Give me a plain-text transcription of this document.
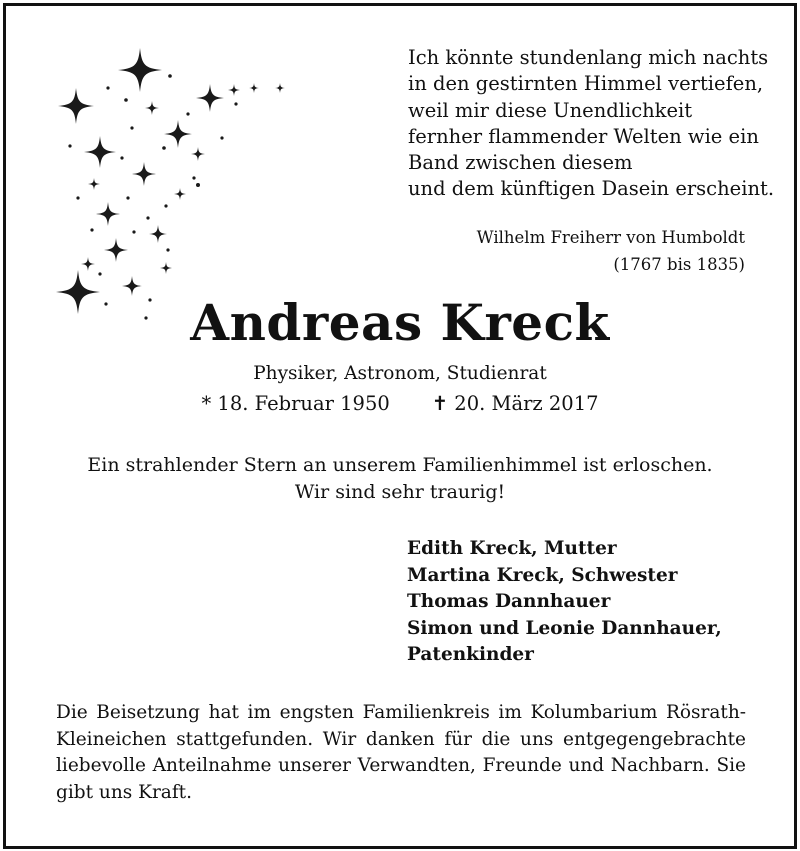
Ich könnte stundenlang mich nachts
in den gestirnten Himmel vertiefen,
weil mir diese Unendlichkeit
fernher flammender Welten wie ein
Band zwischen diesem
und dem künftigen Dasein erscheint.
Wilhelm Freiherr von Humboldt
(1767 bis 1835)
Andreas Kreck
Physiker, Astronom, Studienrat
* 18. Februar 1950 ✝ 20. März 2017
Ein strahlender Stern an unserem Familienhimmel ist erloschen.
Wir sind sehr traurig!
Edith Kreck, Mutter
Martina Kreck, Schwester
Thomas Dannhauer
Simon und Leonie Dannhauer,
Patenkinder
Die Beisetzung hat im engsten Familienkreis im Kolumbarium Rösrath-Kleineichen stattgefunden. Wir danken für die uns entgegengebrachte liebevolle Anteilnahme unserer Verwandten, Freunde und Nachbarn. Sie gibt uns Kraft.
